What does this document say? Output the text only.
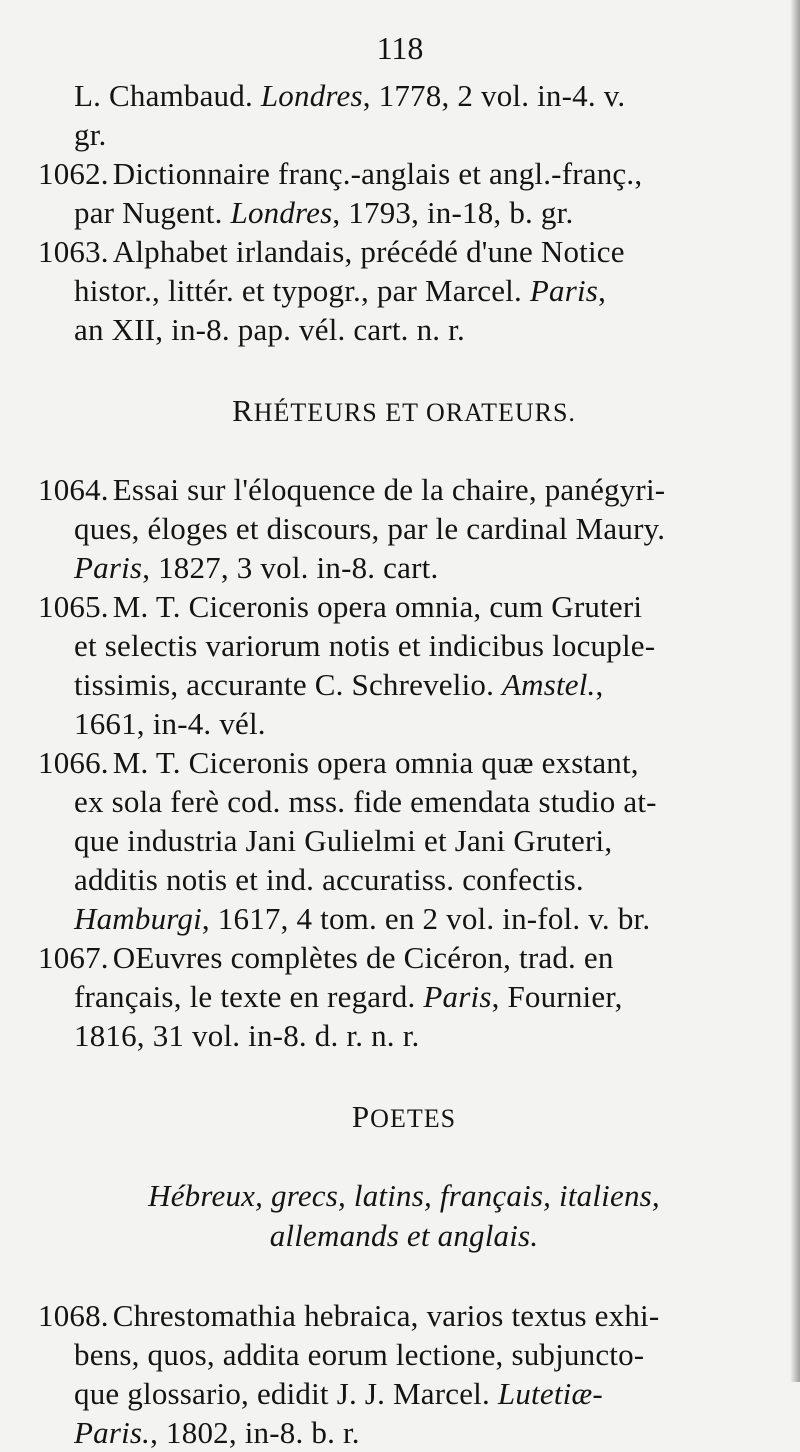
118

L. Chambaud. Londres, 1778, 2 vol. in-4. v.
gr.

1062. Dictionnaire franç.-anglais et angl.-franç.,
par Nugent. Londres, 1793, in-18, b. gr.

1063. Alphabet irlandais, précédé d'une Notice
histor., littér. et typogr., par Marcel. Paris,
an XII, in-8. pap. vél. cart. n. r.

RHÉTEURS ET ORATEURS.

1064. Essai sur l'éloquence de la chaire, panégyri-
ques, éloges et discours, par le cardinal Maury.
Paris, 1827, 3 vol. in-8. cart.

1065. M. T. Ciceronis opera omnia, cum Gruteri
et selectis variorum notis et indicibus locuple-
tissimis, accurante C. Schrevelio. Amstel.,
1661, in-4. vél.

1066. M. T. Ciceronis opera omnia quæ exstant,
ex sola ferè cod. mss. fide emendata studio at-
que industria Jani Gulielmi et Jani Gruteri,
additis notis et ind. accuratiss. confectis.
Hamburgi, 1617, 4 tom. en 2 vol. in-fol. v. br.

1067. OEuvres complètes de Cicéron, trad. en
français, le texte en regard. Paris, Fournier,
1816, 31 vol. in-8. d. r. n. r.

POETES
Hébreux, grecs, latins, français, italiens,
allemands et anglais.

1068. Chrestomathia hebraica, varios textus exhi-
bens, quos, addita eorum lectione, subjuncto-
que glossario, edidit J. J. Marcel. Lutetiæ-
Paris., 1802, in-8. b. r.
